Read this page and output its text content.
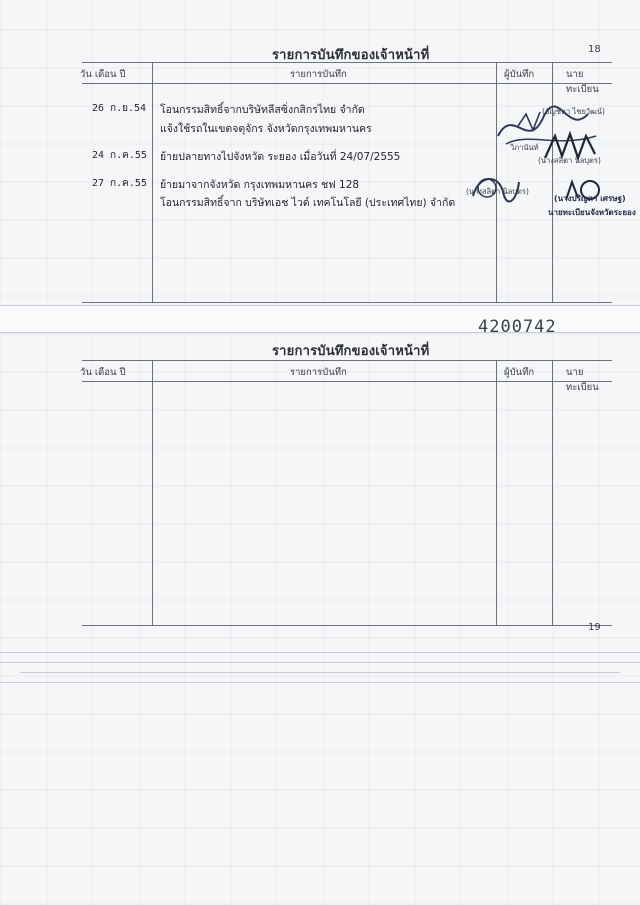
รายการบันทึกของเจ้าหน้าที่	18
วัน เดือน ปี	รายการบันทึก	ผู้บันทึก	นายทะเบียน
26 ก.ย.54 โอนกรรมสิทธิ์จากบริษัทลีสซิ่งกสิกรไทย จำกัด
แจ้งใช้รถในเขตจตุจักร จังหวัดกรุงเทพมหานคร
24 ก.ค.55 ย้ายปลายทางไปจังหวัด ระยอง เมื่อวันที่ 24/07/2555
27 ก.ค.55 ย้ายมาจากจังหวัด กรุงเทพมหานคร ชฟ 128
โอนกรรมสิทธิ์จาก บริษัทเอช ไวด์ เทคโนโลยี (ประเทศไทย) จำกัด
(อัญชนา ไชยวัฒน์)
วิภานันท์
(นางสลิตา นิลบุตร)
(นางสลิตา นิลบุตร)
(นางปริญดา เศรษฐ)
นายทะเบียนจังหวัดระยอง
4200742
รายการบันทึกของเจ้าหน้าที่
วัน เดือน ปี	รายการบันทึก	ผู้บันทึก	นายทะเบียน
19
